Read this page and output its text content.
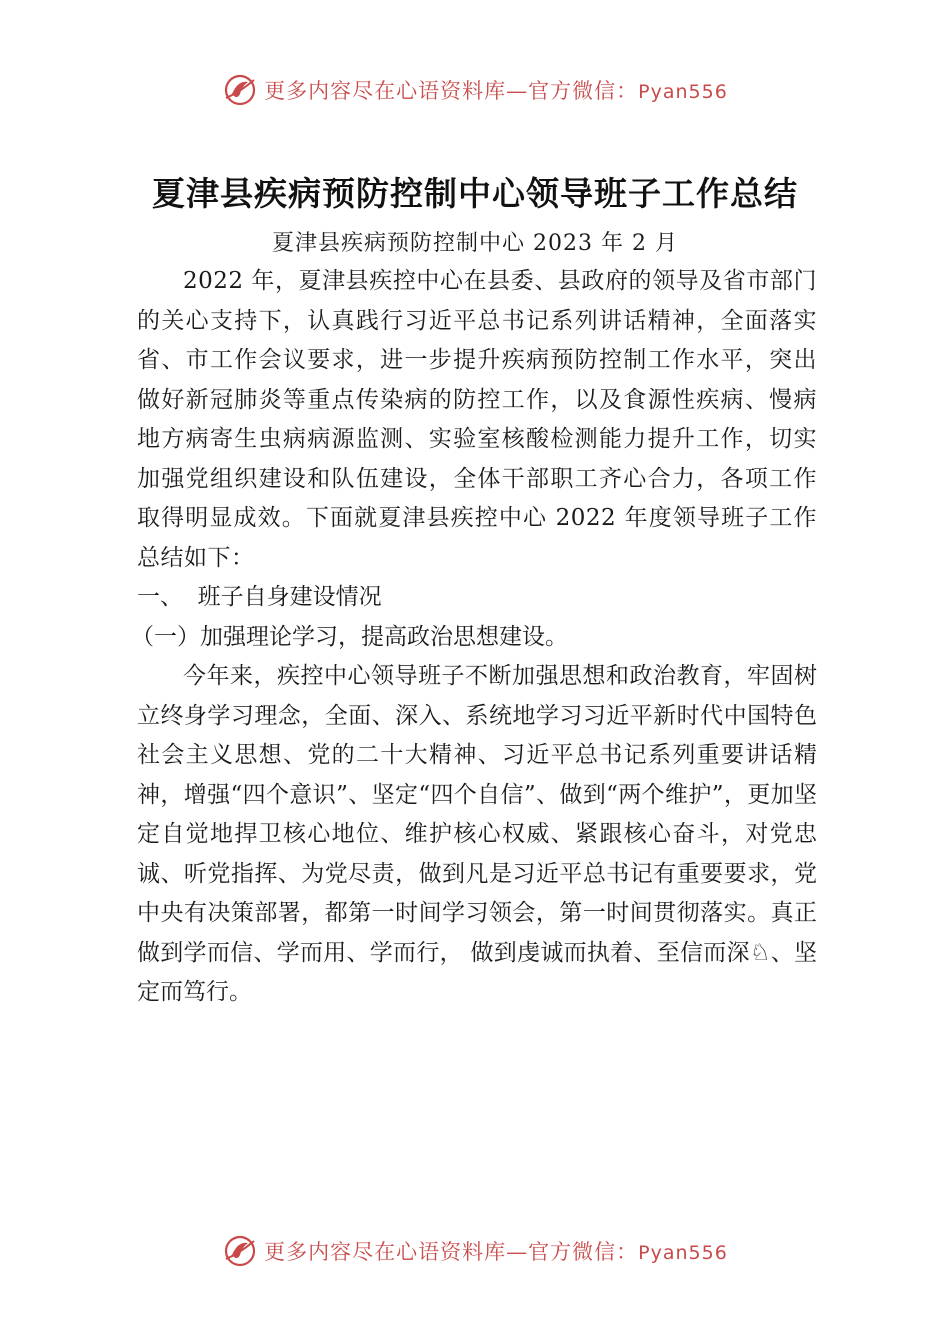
更多内容尽在心语资料库—官方微信：Pyan556
夏津县疾病预防控制中心领导班子工作总结
夏津县疾病预防控制中心 2023 年 2 月

2022 年，夏津县疾控中心在县委、县政府的领导及省市部门的关心支持下，认真践行习近平总书记系列讲话精神，全面落实省、市工作会议要求，进一步提升疾病预防控制工作水平，突出做好新冠肺炎等重点传染病的防控工作，以及食源性疾病、慢病地方病寄生虫病病源监测、实验室核酸检测能力提升工作，切实加强党组织建设和队伍建设，全体干部职工齐心合力，各项工作取得明显成效。下面就夏津县疾控中心 2022 年度领导班子工作总结如下：

一、  班子自身建设情况

（一）加强理论学习，提高政治思想建设。

今年来，疾控中心领导班子不断加强思想和政治教育，牢固树立终身学习理念，全面、深入、系统地学习习近平新时代中国特色社会主义思想、党的二十大精神、习近平总书记系列重要讲话精神，增强“四个意识”、坚定“四个自信”、做到“两个维护”，更加坚定自觉地捍卫核心地位、维护核心权威、紧跟核心奋斗，对党忠诚、听党指挥、为党尽责，做到凡是习近平总书记有重要要求，党中央有决策部署，都第一时间学习领会，第一时间贯彻落实。真正做到学而信、学而用、学而行， 做到虔诚而执着、至信而深♘、坚定而笃行。

更多内容尽在心语资料库—官方微信：Pyan556
